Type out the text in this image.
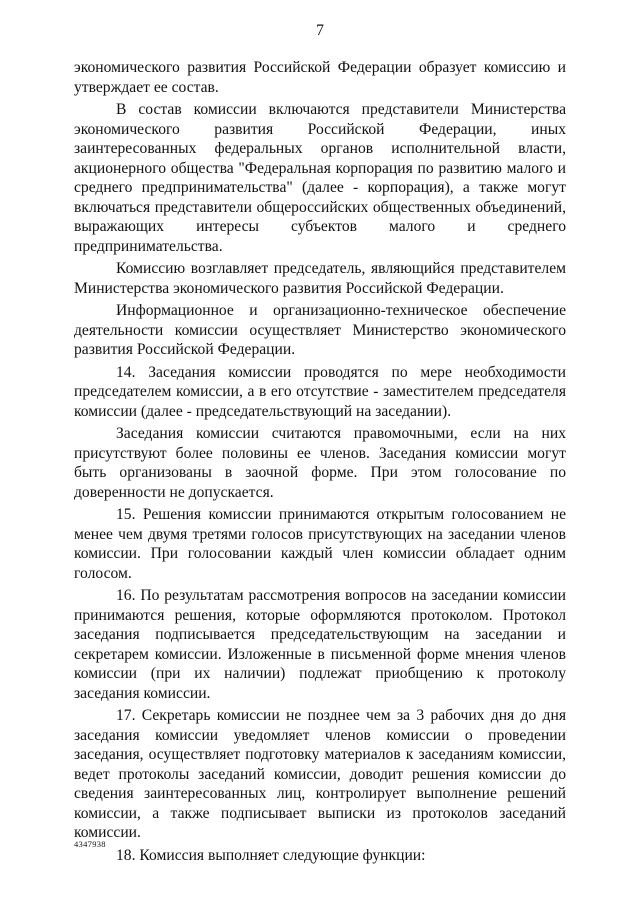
7

экономического развития Российской Федерации образует комиссию и утверждает ее состав.

В состав комиссии включаются представители Министерства экономического развития Российской Федерации, иных заинтересованных федеральных органов исполнительной власти, акционерного общества "Федеральная корпорация по развитию малого и среднего предпринимательства" (далее - корпорация), а также могут включаться представители общероссийских общественных объединений, выражающих интересы субъектов малого и среднего предпринимательства.

Комиссию возглавляет председатель, являющийся представителем Министерства экономического развития Российской Федерации.

Информационное и организационно-техническое обеспечение деятельности комиссии осуществляет Министерство экономического развития Российской Федерации.

14. Заседания комиссии проводятся по мере необходимости председателем комиссии, а в его отсутствие - заместителем председателя комиссии (далее - председательствующий на заседании).

Заседания комиссии считаются правомочными, если на них присутствуют более половины ее членов. Заседания комиссии могут быть организованы в заочной форме. При этом голосование по доверенности не допускается.

15. Решения комиссии принимаются открытым голосованием не менее чем двумя третями голосов присутствующих на заседании членов комиссии. При голосовании каждый член комиссии обладает одним голосом.

16. По результатам рассмотрения вопросов на заседании комиссии принимаются решения, которые оформляются протоколом. Протокол заседания подписывается председательствующим на заседании и секретарем комиссии. Изложенные в письменной форме мнения членов комиссии (при их наличии) подлежат приобщению к протоколу заседания комиссии.

17. Секретарь комиссии не позднее чем за 3 рабочих дня до дня заседания комиссии уведомляет членов комиссии о проведении заседания, осуществляет подготовку материалов к заседаниям комиссии, ведет протоколы заседаний комиссии, доводит решения комиссии до сведения заинтересованных лиц, контролирует выполнение решений комиссии, а также подписывает выписки из протоколов заседаний комиссии.

18. Комиссия выполняет следующие функции:

4347938
